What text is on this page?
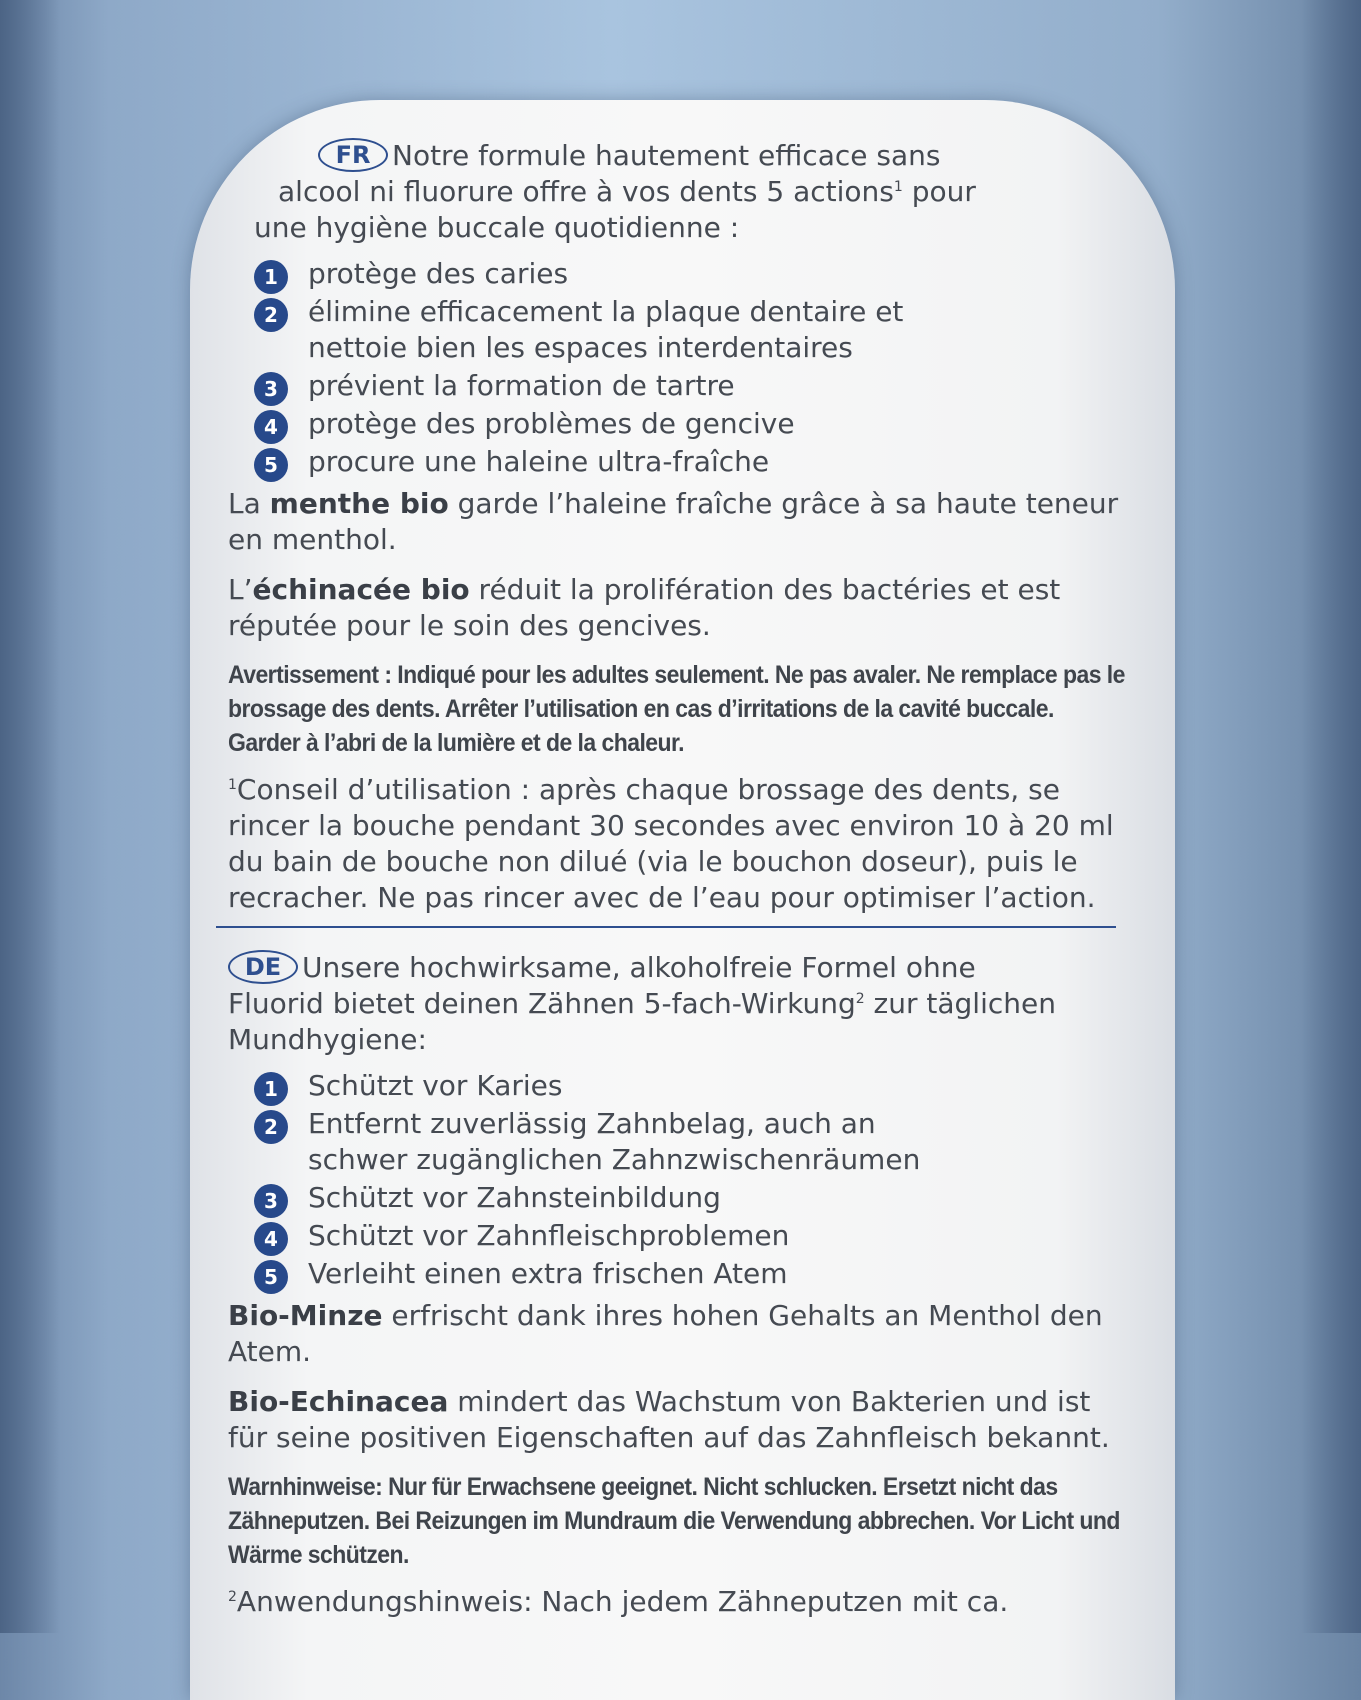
FR Notre formule hautement efficace sans
alcool ni fluorure offre à vos dents 5 actions$^1$ pour
une hygiène buccale quotidienne :
1	protège des caries
2	élimine efficacement la plaque dentaire et nettoie bien les espaces interdentaires
3	prévient la formation de tartre
4	protège des problèmes de gencive
5	procure une haleine ultra-fraîche

La menthe bio garde l’haleine fraîche grâce à sa haute teneur en menthol.

L’échinacée bio réduit la prolifération des bactéries et est réputée pour le soin des gencives.

Avertissement : Indiqué pour les adultes seulement. Ne pas avaler. Ne remplace pas le brossage des dents. Arrêter l’utilisation en cas d’irritations de la cavité buccale. Garder à l’abri de la lumière et de la chaleur.

$^1$Conseil d’utilisation : après chaque brossage des dents, se rincer la bouche pendant 30 secondes avec environ 10 à 20 ml du bain de bouche non dilué (via le bouchon doseur), puis le recracher. Ne pas rincer avec de l’eau pour optimiser l’action.

DE Unsere hochwirksame, alkoholfreie Formel ohne
Fluorid bietet deinen Zähnen 5-fach-Wirkung$^2$ zur täglichen
Mundhygiene:
1	Schützt vor Karies
2	Entfernt zuverlässig Zahnbelag, auch an schwer zugänglichen Zahnzwischenräumen
3	Schützt vor Zahnsteinbildung
4	Schützt vor Zahnfleischproblemen
5	Verleiht einen extra frischen Atem

Bio-Minze erfrischt dank ihres hohen Gehalts an Menthol den Atem.

Bio-Echinacea mindert das Wachstum von Bakterien und ist für seine positiven Eigenschaften auf das Zahnfleisch bekannt.

Warnhinweise: Nur für Erwachsene geeignet. Nicht schlucken. Ersetzt nicht das Zähneputzen. Bei Reizungen im Mundraum die Verwendung abbrechen. Vor Licht und Wärme schützen.

$^2$Anwendungshinweis: Nach jedem Zähneputzen mit ca.
